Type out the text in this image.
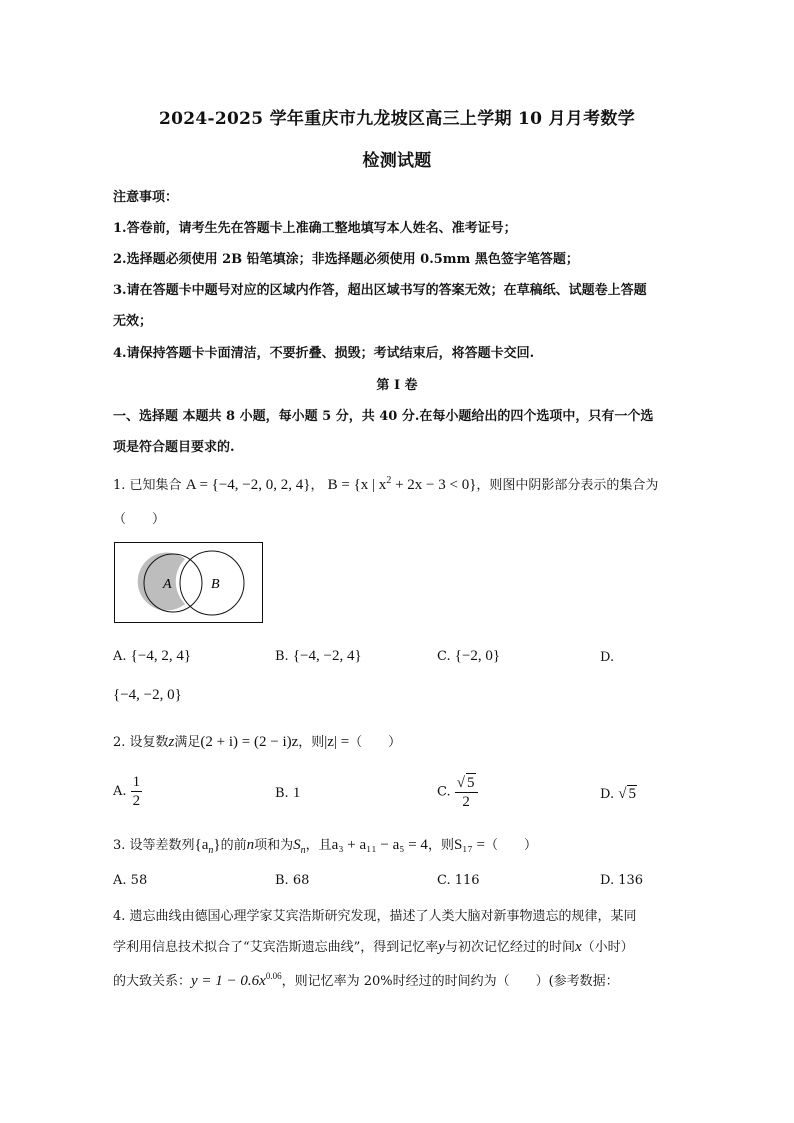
2024-2025 学年重庆市九龙坡区高三上学期 10 月月考数学
检测试题
注意事项：
1.答卷前，请考生先在答题卡上准确工整地填写本人姓名、准考证号；
2.选择题必须使用 2B 铅笔填涂；非选择题必须使用 0.5mm 黑色签字笔答题；
3.请在答题卡中题号对应的区域内作答，超出区域书写的答案无效；在草稿纸、试题卷上答题
无效；
4.请保持答题卡卡面清洁，不要折叠、损毁；考试结束后，将答题卡交回.
第 I 卷
一、选择题 本题共 8 小题，每小题 5 分，共 40 分.在每小题给出的四个选项中，只有一个选
项是符合题目要求的.
1. 已知集合 A = {−4, −2, 0, 2, 4}， B = {x | $x^2 + 2x - 3 < 0$}，则图中阴影部分表示的集合为
（　　）
A	B
A. {−4, 2, 4}	B. {−4, −2, 4}	C. {−2, 0}	D.
{−4, −2, 0}
2. 设复数z满足(2 + i) = (2 − i)z，则|z| =（　　）
A. $\frac{1}{2}$	B. 1	C. $\frac{√ 5}{2}$	D. √ 5
3. 设等差数列$\{a_n\}$的前n项和为$S_n$，且a₃ + a₁₁ − a₅ = 4，则S₁₇ =（　　）
A. 58	B. 68	C. 116	D. 136
4. 遗忘曲线由德国心理学家艾宾浩斯研究发现，描述了人类大脑对新事物遗忘的规律，某同
学利用信息技术拟合了“艾宾浩斯遗忘曲线”，得到记忆率y与初次记忆经过的时间x（小时）
的大致关系：$y = 1 - 0.6x^{0.06}$，则记忆率为 20%时经过的时间约为（　　）(参考数据：
